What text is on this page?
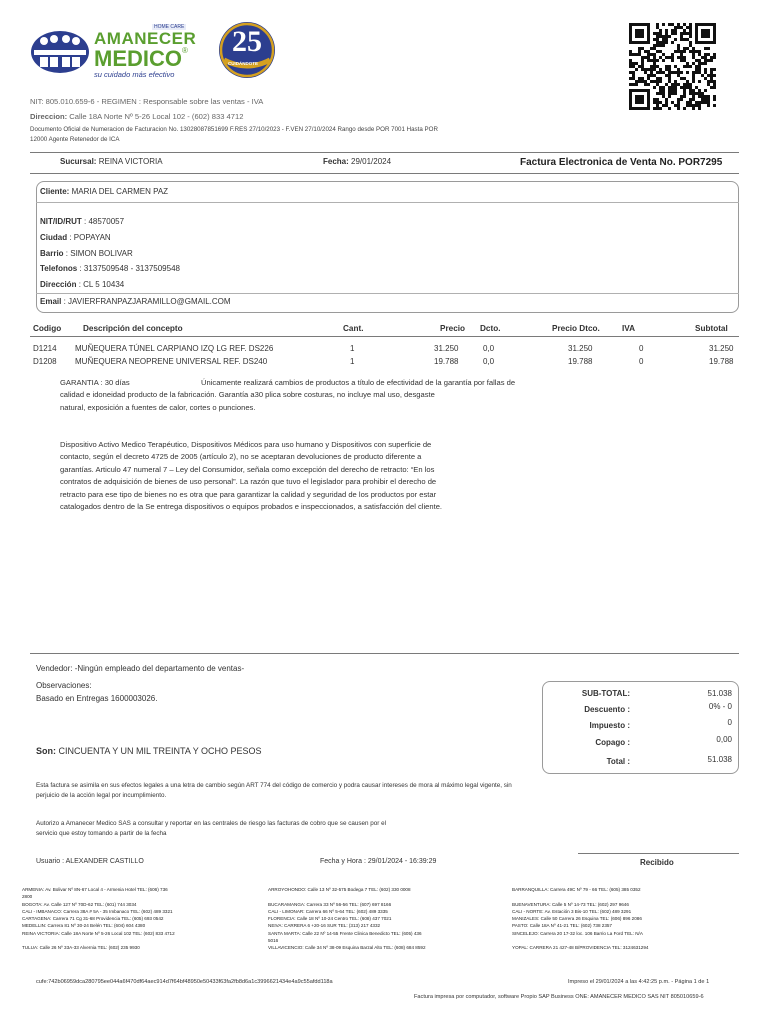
HOME CARE
AMANECER
MEDICO®
su cuidado más efectivo
25
CUIDÁNDOTE
NIT: 805.010.659-6 - REGIMEN : Responsable sobre las ventas - IVA
Direccion: Calle 18A Norte Nº 5-26 Local 102 - (602) 833 4712
Documento Oficial de Numeracion de Facturacion No. 13028087851699 F.RES 27/10/2023 - F.VEN 27/10/2024 Rango desde POR 7001 Hasta POR
12000 Agente Retenedor de ICA
Sucursal: REINA VICTORIA	Fecha: 29/01/2024	Factura Electronica de Venta No. POR7295
Cliente: MARIA DEL CARMEN PAZ
NIT/ID/RUT : 48570057
Ciudad : POPAYAN
Barrio : SIMON BOLIVAR
Telefonos : 3137509548 - 3137509548
Dirección : CL 5 10434
Email : JAVIERFRANPAZJARAMILLO@GMAIL.COM
Codigo	Descripción del concepto	Cant.	Precio Dcto.	Precio Dtco.	IVA	Subtotal
D1214 MUÑEQUERA TÚNEL CARPIANO IZQ LG REF. DS226	1	31.250	0,0	31.250	0	31.250
D1208 MUÑEQUERA NEOPRENE UNIVERSAL REF. DS240	1	19.788	0,0	19.788	0	19.788
GARANTIA : 30 días	Únicamente realizará cambios de productos a título de efectividad de la garantía por fallas de
calidad e idoneidad producto de la fabricación. Garantía a30 plica sobre costuras, no incluye mal uso, desgaste
natural, exposición a fuentes de calor, cortes o punciones.
Dispositivo Activo Medico Terapéutico, Dispositivos Médicos para uso humano y Dispositivos con superficie de
contacto, según el decreto 4725 de 2005 (artículo 2), no se aceptaran devoluciones de producto diferente a
garantías. Articulo 47 numeral 7 – Ley del Consumidor, señala como excepción del derecho de retracto: “En los
contratos de adquisición de bienes de uso personal”. La razón que tuvo el legislador para prohibir el derecho de
retracto para ese tipo de bienes no es otra que para garantizar la calidad y seguridad de los productos por estar
catalogados dentro de la Se entrega dispositivos o equipos probados e inspeccionados, a satisfacción del cliente.
Vendedor: -Ningún empleado del departamento de ventas-
Observaciones:
Basado en Entregas 1600003026.
Son: CINCUENTA Y UN MIL TREINTA Y OCHO PESOS
SUB-TOTAL:	51.038
Descuento :	0% - 0
Impuesto :	0
Copago :	0,00
Total :	51.038
Esta factura se asimila en sus efectos legales a una letra de cambio según ART 774 del código de comercio y podra causar intereses de mora al máximo legal vigente, sin
perjuicio de la acción legal por incumplimiento.
Autorizo a Amanecer Medico SAS a consultar y reportar en las centrales de riesgo las facturas de cobro que se causen por el
servicio que estoy tomando a partir de la fecha
Usuario : ALEXANDER CASTILLO	Fecha y Hora : 29/01/2024 - 16:39:29	Recibido
ARMENIA: Av. Bolivar Nº 8N-67 Local 4 - Armenia Hotel TEL: (606) 736
2800
BOGOTA: Av. Calle 127 Nº 70D-62 TEL: (601) 744 3034
CALI - IMBANACO: Carrera 38A # 5A - 35 Imbanaco TEL: (602) 489 3321
CARTAGENA: Carrera 71 Cg 31-68 Providencia TEL: (605) 693 0542
MEDELLIN: Carrera 81 Nº 30-24 Belén TEL: (604) 604 4380
REINA VICTORIA: Calle 18A Norte Nº 5-26 Local 102 TEL: (602) 833 4712
TULUA: Calle 26 Nº 33A-33 Alvernia TEL: (602) 235 9930
ARROYOHONDO: Calle 13 Nº 32-575 Bodega 7 TEL: (602) 330 0008
BUCARAMANGA: Carrera 33 Nº 56-56 TEL: (607) 697 8166
CALI - LIMONAR: Carrera 66 Nº 5-64 TEL: (602) 489 3335
FLORENCIA: Calle 18 Nº 10-24 Centro TEL: (608) 437 7021
NEIVA: CARRERA 6 +20-16 SUR TEL: (313) 217 4332
SANTA MARTA: Calle 22 Nº 14-55 Frente Clinica Benedicto TEL: (605) 436
5016
VILLAVICENCIO: Calle 34 Nº 38-09 Esquina Barzal Alto TEL: (608) 684 8592
BARRANQUILLA: Carrera 49C Nº 79 - 66 TEL: (605) 385 0352
BUENAVENTURA: Calle 5 Nº 14-73 TEL: (602) 297 9646
CALI - NORTE: Av. Estación 3 Bis-10 TEL: (602) 489 3291
MANIZALES: Calle 50 Carrera 26 Esquina TEL: (606) 896 2086
PASTO: Calle 18A Nº 41-21 TEL: (602) 738 2357
SINCELEJO: Carrera 20 17-32 loc. 106 Barrio La Ford TEL: N/A
YOPAL: CARRERA 21 427-48 B/PROVIDENCIA TEL: 3124631294
cufe:742b06959dca280795ee044a6f470df64aec914d7f64bf48950e50433f63fa2fb8d6a1c3996621434e4a9c55afdd118a	Impreso el 29/01/2024 a las 4:42:25 p.m. - Página 1 de 1
Factura impresa por computador, software Propio SAP Business ONE: AMANECER MEDICO SAS NIT 805010659-6
